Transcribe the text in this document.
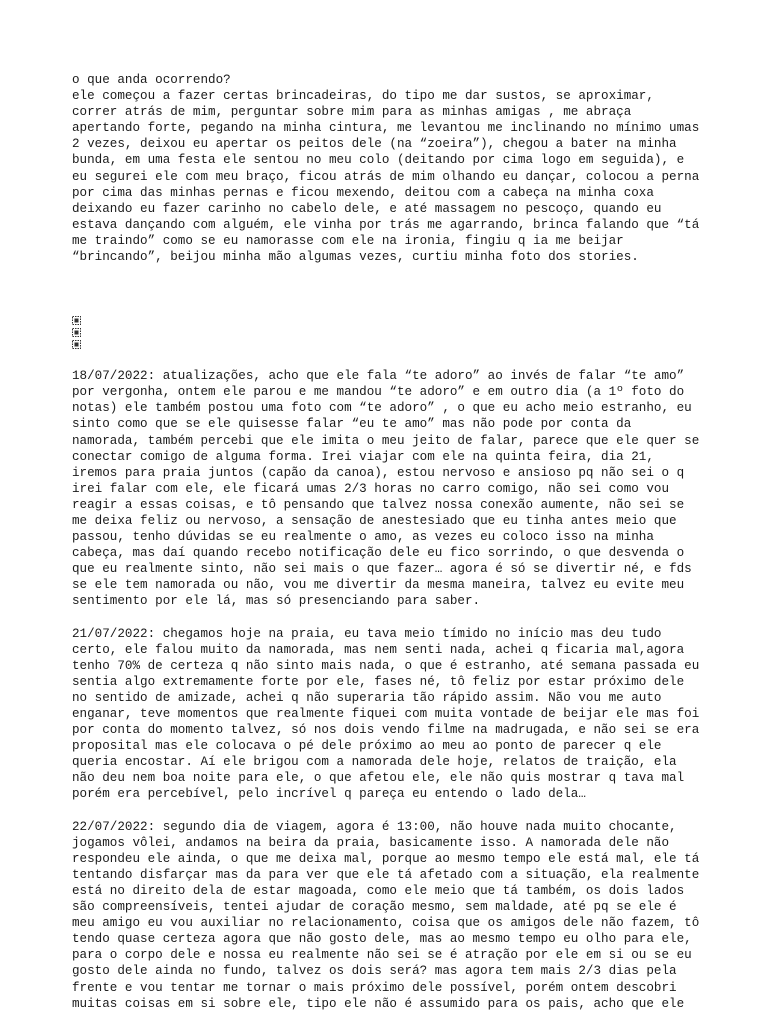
o que anda ocorrendo?
ele começou a fazer certas brincadeiras, do tipo me dar sustos, se aproximar,
correr atrás de mim, perguntar sobre mim para as minhas amigas , me abraça
apertando forte, pegando na minha cintura, me levantou me inclinando no mínimo umas
2 vezes, deixou eu apertar os peitos dele (na “zoeira”), chegou a bater na minha
bunda, em uma festa ele sentou no meu colo (deitando por cima logo em seguida), e
eu segurei ele com meu braço, ficou atrás de mim olhando eu dançar, colocou a perna
por cima das minhas pernas e ficou mexendo, deitou com a cabeça na minha coxa
deixando eu fazer carinho no cabelo dele, e até massagem no pescoço, quando eu
estava dançando com alguém, ele vinha por trás me agarrando, brinca falando que “tá
me traindo” como se eu namorasse com ele na ironia, fingiu q ia me beijar
“brincando”, beijou minha mão algumas vezes, curtiu minha foto dos stories.
18/07/2022: atualizações, acho que ele fala “te adoro” ao invés de falar “te amo”
por vergonha, ontem ele parou e me mandou “te adoro” e em outro dia (a 1º foto do
notas) ele também postou uma foto com “te adoro” , o que eu acho meio estranho, eu
sinto como que se ele quisesse falar “eu te amo” mas não pode por conta da
namorada, também percebi que ele imita o meu jeito de falar, parece que ele quer se
conectar comigo de alguma forma. Irei viajar com ele na quinta feira, dia 21,
iremos para praia juntos (capão da canoa), estou nervoso e ansioso pq não sei o q
irei falar com ele, ele ficará umas 2/3 horas no carro comigo, não sei como vou
reagir a essas coisas, e tô pensando que talvez nossa conexão aumente, não sei se
me deixa feliz ou nervoso, a sensação de anestesiado que eu tinha antes meio que
passou, tenho dúvidas se eu realmente o amo, as vezes eu coloco isso na minha
cabeça, mas daí quando recebo notificação dele eu fico sorrindo, o que desvenda o
que eu realmente sinto, não sei mais o que fazer… agora é só se divertir né, e fds
se ele tem namorada ou não, vou me divertir da mesma maneira, talvez eu evite meu
sentimento por ele lá, mas só presenciando para saber.
21/07/2022: chegamos hoje na praia, eu tava meio tímido no início mas deu tudo
certo, ele falou muito da namorada, mas nem senti nada, achei q ficaria mal,agora
tenho 70% de certeza q não sinto mais nada, o que é estranho, até semana passada eu
sentia algo extremamente forte por ele, fases né, tô feliz por estar próximo dele
no sentido de amizade, achei q não superaria tão rápido assim. Não vou me auto
enganar, teve momentos que realmente fiquei com muita vontade de beijar ele mas foi
por conta do momento talvez, só nos dois vendo filme na madrugada, e não sei se era
proposital mas ele colocava o pé dele próximo ao meu ao ponto de parecer q ele
queria encostar. Aí ele brigou com a namorada dele hoje, relatos de traição, ela
não deu nem boa noite para ele, o que afetou ele, ele não quis mostrar q tava mal
porém era percebível, pelo incrível q pareça eu entendo o lado dela…
22/07/2022: segundo dia de viagem, agora é 13:00, não houve nada muito chocante,
jogamos vôlei, andamos na beira da praia, basicamente isso. A namorada dele não
respondeu ele ainda, o que me deixa mal, porque ao mesmo tempo ele está mal, ele tá
tentando disfarçar mas da para ver que ele tá afetado com a situação, ela realmente
está no direito dela de estar magoada, como ele meio que tá também, os dois lados
são compreensíveis, tentei ajudar de coração mesmo, sem maldade, até pq se ele é
meu amigo eu vou auxiliar no relacionamento, coisa que os amigos dele não fazem, tô
tendo quase certeza agora que não gosto dele, mas ao mesmo tempo eu olho para ele,
para o corpo dele e nossa eu realmente não sei se é atração por ele em si ou se eu
gosto dele ainda no fundo, talvez os dois será? mas agora tem mais 2/3 dias pela
frente e vou tentar me tornar o mais próximo dele possível, porém ontem descobri
muitas coisas em si sobre ele, tipo ele não é assumido para os pais, acho que ele
